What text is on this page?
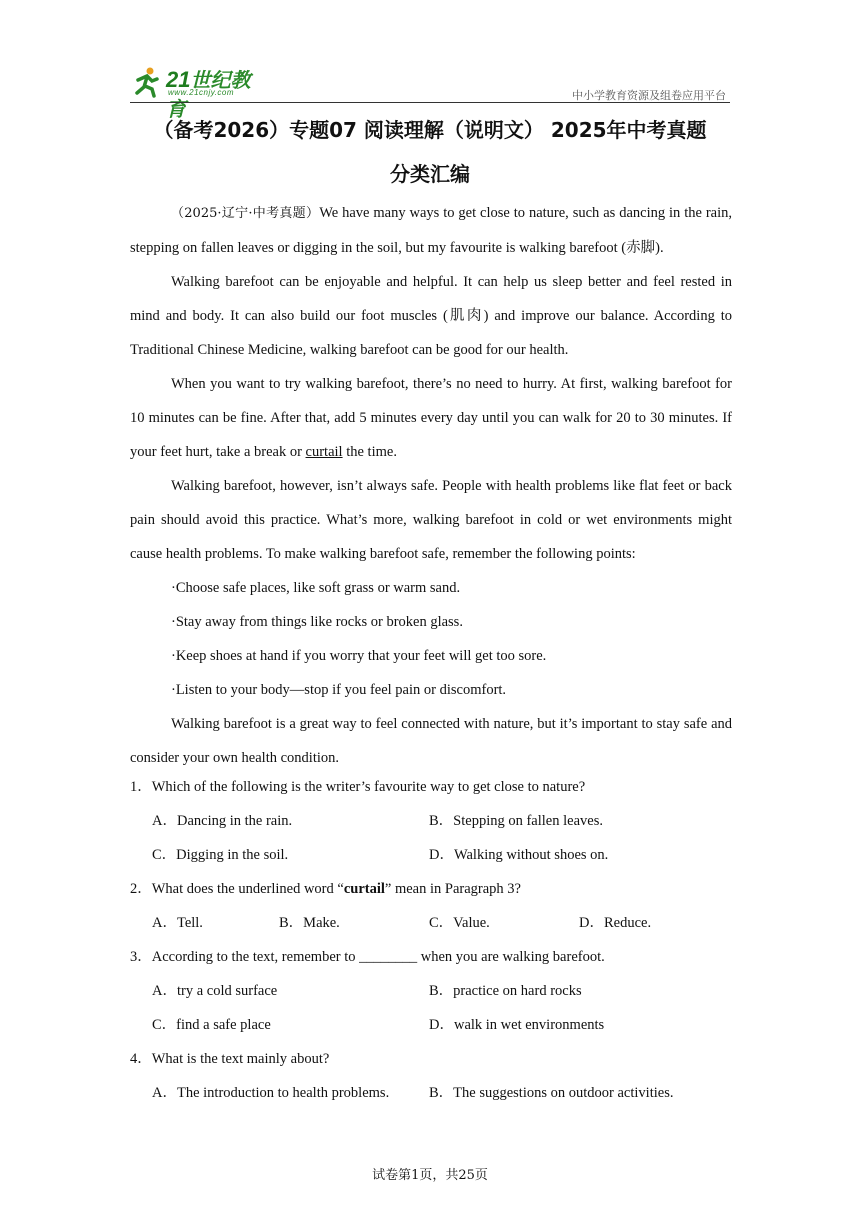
21世纪教育
www.21cnjy.com	中小学教育资源及组卷应用平台
（备考2026）专题07 阅读理解（说明文） 2025年中考真题
分类汇编

（2025·辽宁·中考真题）We have many ways to get close to nature, such as dancing in the rain, stepping on fallen leaves or digging in the soil, but my favourite is walking barefoot (赤脚).

Walking barefoot can be enjoyable and helpful. It can help us sleep better and feel rested in mind and body. It can also build our foot muscles (肌肉) and improve our balance. According to Traditional Chinese Medicine, walking barefoot can be good for our health.

When you want to try walking barefoot, there’s no need to hurry. At first, walking barefoot for 10 minutes can be fine. After that, add 5 minutes every day until you can walk for 20 to 30 minutes. If your feet hurt, take a break or curtail the time.

Walking barefoot, however, isn’t always safe. People with health problems like flat feet or back pain should avoid this practice. What’s more, walking barefoot in cold or wet environments might cause health problems. To make walking barefoot safe, remember the following points:

·Choose safe places, like soft grass or warm sand.

·Stay away from things like rocks or broken glass.

·Keep shoes at hand if you worry that your feet will get too sore.

·Listen to your body—stop if you feel pain or discomfort.

Walking barefoot is a great way to feel connected with nature, but it’s important to stay safe and consider your own health condition.

1．Which of the following is the writer’s favourite way to get close to nature?

A．Dancing in the rain.	B．Stepping on fallen leaves.
C．Digging in the soil.	D．Walking without shoes on.

2．What does the underlined word “curtail” mean in Paragraph 3?

A．Tell.	B．Make.	C．Value.	D．Reduce.

3．According to the text, remember to ________ when you are walking barefoot.

A．try a cold surface	B．practice on hard rocks
C．find a safe place	D．walk in wet environments

4．What is the text mainly about?

A．The introduction to health problems.	B．The suggestions on outdoor activities.
试卷第1页，共25页
